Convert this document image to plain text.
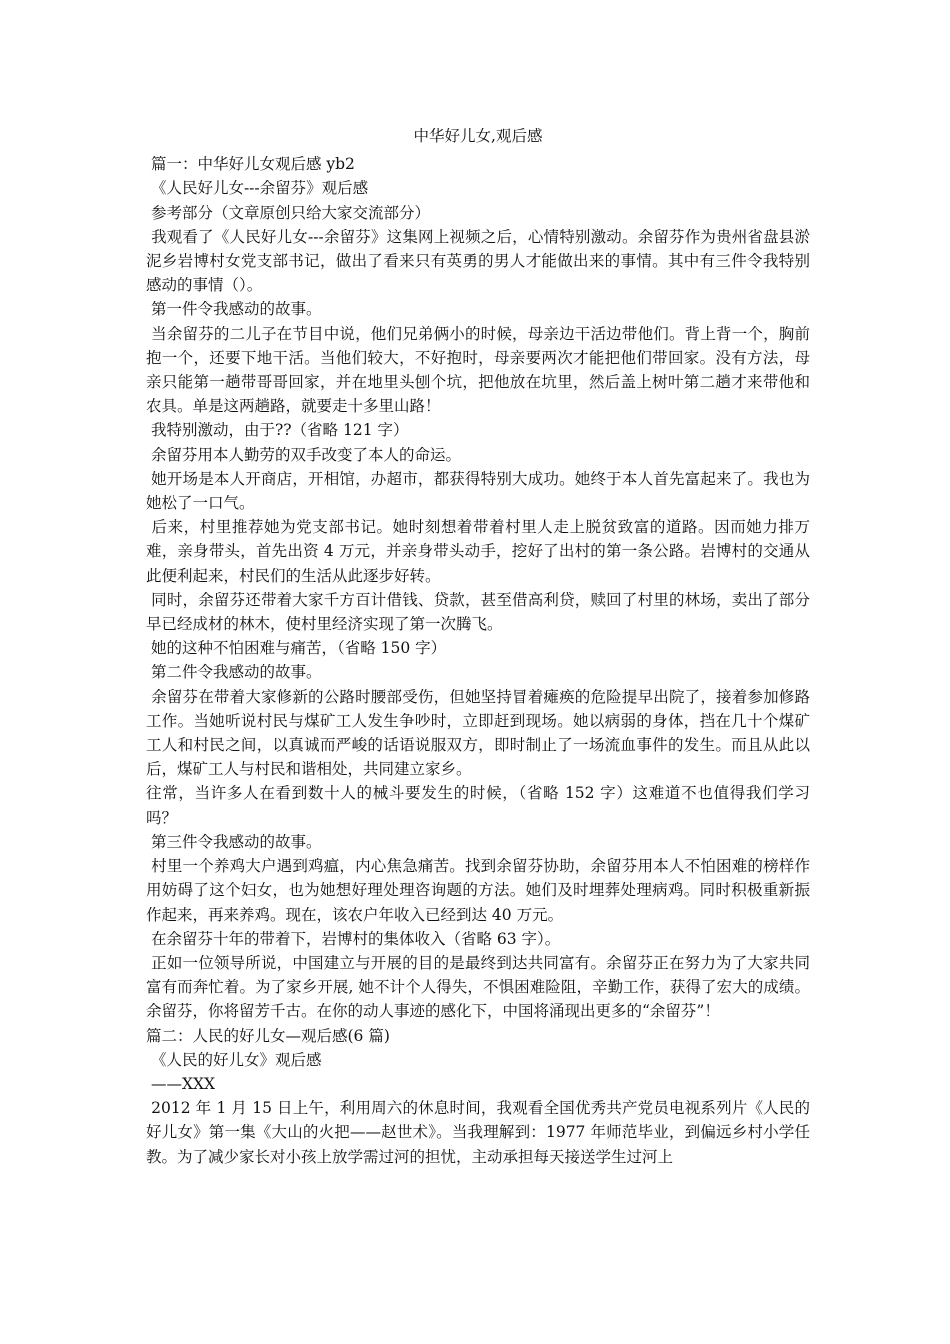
中华好儿女,观后感

篇一：中华好儿女观后感 yb2

《人民好儿女---余留芬》观后感

参考部分（文章原创只给大家交流部分）

我观看了《人民好儿女---余留芬》这集网上视频之后，心情特别激动。余留芬作为贵州省盘县淤泥乡岩博村女党支部书记，做出了看来只有英勇的男人才能做出来的事情。其中有三件令我特别感动的事情（）。

第一件令我感动的故事。

当余留芬的二儿子在节目中说，他们兄弟俩小的时候，母亲边干活边带他们。背上背一个，胸前抱一个，还要下地干活。当他们较大，不好抱时，母亲要两次才能把他们带回家。没有方法，母亲只能第一趟带哥哥回家，并在地里头刨个坑，把他放在坑里，然后盖上树叶第二趟才来带他和农具。单是这两趟路，就要走十多里山路！

我特别激动，由于??（省略 121 字）

余留芬用本人勤劳的双手改变了本人的命运。

她开场是本人开商店，开相馆，办超市，都获得特别大成功。她终于本人首先富起来了。我也为她松了一口气。

后来，村里推荐她为党支部书记。她时刻想着带着村里人走上脱贫致富的道路。因而她力排万难，亲身带头，首先出资 4 万元，并亲身带头动手，挖好了出村的第一条公路。岩博村的交通从此便利起来，村民们的生活从此逐步好转。

同时，余留芬还带着大家千方百计借钱、贷款，甚至借高利贷，赎回了村里的林场，卖出了部分早已经成材的林木，使村里经济实现了第一次腾飞。

她的这种不怕困难与痛苦，（省略 150 字）

第二件令我感动的故事。

余留芬在带着大家修新的公路时腰部受伤，但她坚持冒着瘫痪的危险提早出院了，接着参加修路工作。当她听说村民与煤矿工人发生争吵时，立即赶到现场。她以病弱的身体，挡在几十个煤矿工人和村民之间，以真诚而严峻的话语说服双方，即时制止了一场流血事件的发生。而且从此以后，煤矿工人与村民和谐相处，共同建立家乡。

往常，当许多人在看到数十人的械斗要发生的时候，（省略 152 字）这难道不也值得我们学习吗？

第三件令我感动的故事。

村里一个养鸡大户遇到鸡瘟，内心焦急痛苦。找到余留芬协助，余留芬用本人不怕困难的榜样作用妨碍了这个妇女，也为她想好理处理咨询题的方法。她们及时埋葬处理病鸡。同时积极重新振作起来，再来养鸡。现在，该农户年收入已经到达 40 万元。

在余留芬十年的带着下，岩博村的集体收入（省略 63 字）。

正如一位领导所说，中国建立与开展的目的是最终到达共同富有。余留芬正在努力为了大家共同富有而奔忙着。为了家乡开展, 她不计个人得失，不惧困难险阻，辛勤工作，获得了宏大的成绩。余留芬，你将留芳千古。在你的动人事迹的感化下，中国将涌现出更多的“余留芬”！

篇二：人民的好儿女—观后感(6 篇)

《人民的好儿女》观后感

——XXX

2012 年 1 月 15 日上午，利用周六的休息时间，我观看全国优秀共产党员电视系列片《人民的好儿女》第一集《大山的火把——赵世术》。当我理解到：1977 年师范毕业，到偏远乡村小学任教。为了减少家长对小孩上放学需过河的担忧，主动承担每天接送学生过河上
